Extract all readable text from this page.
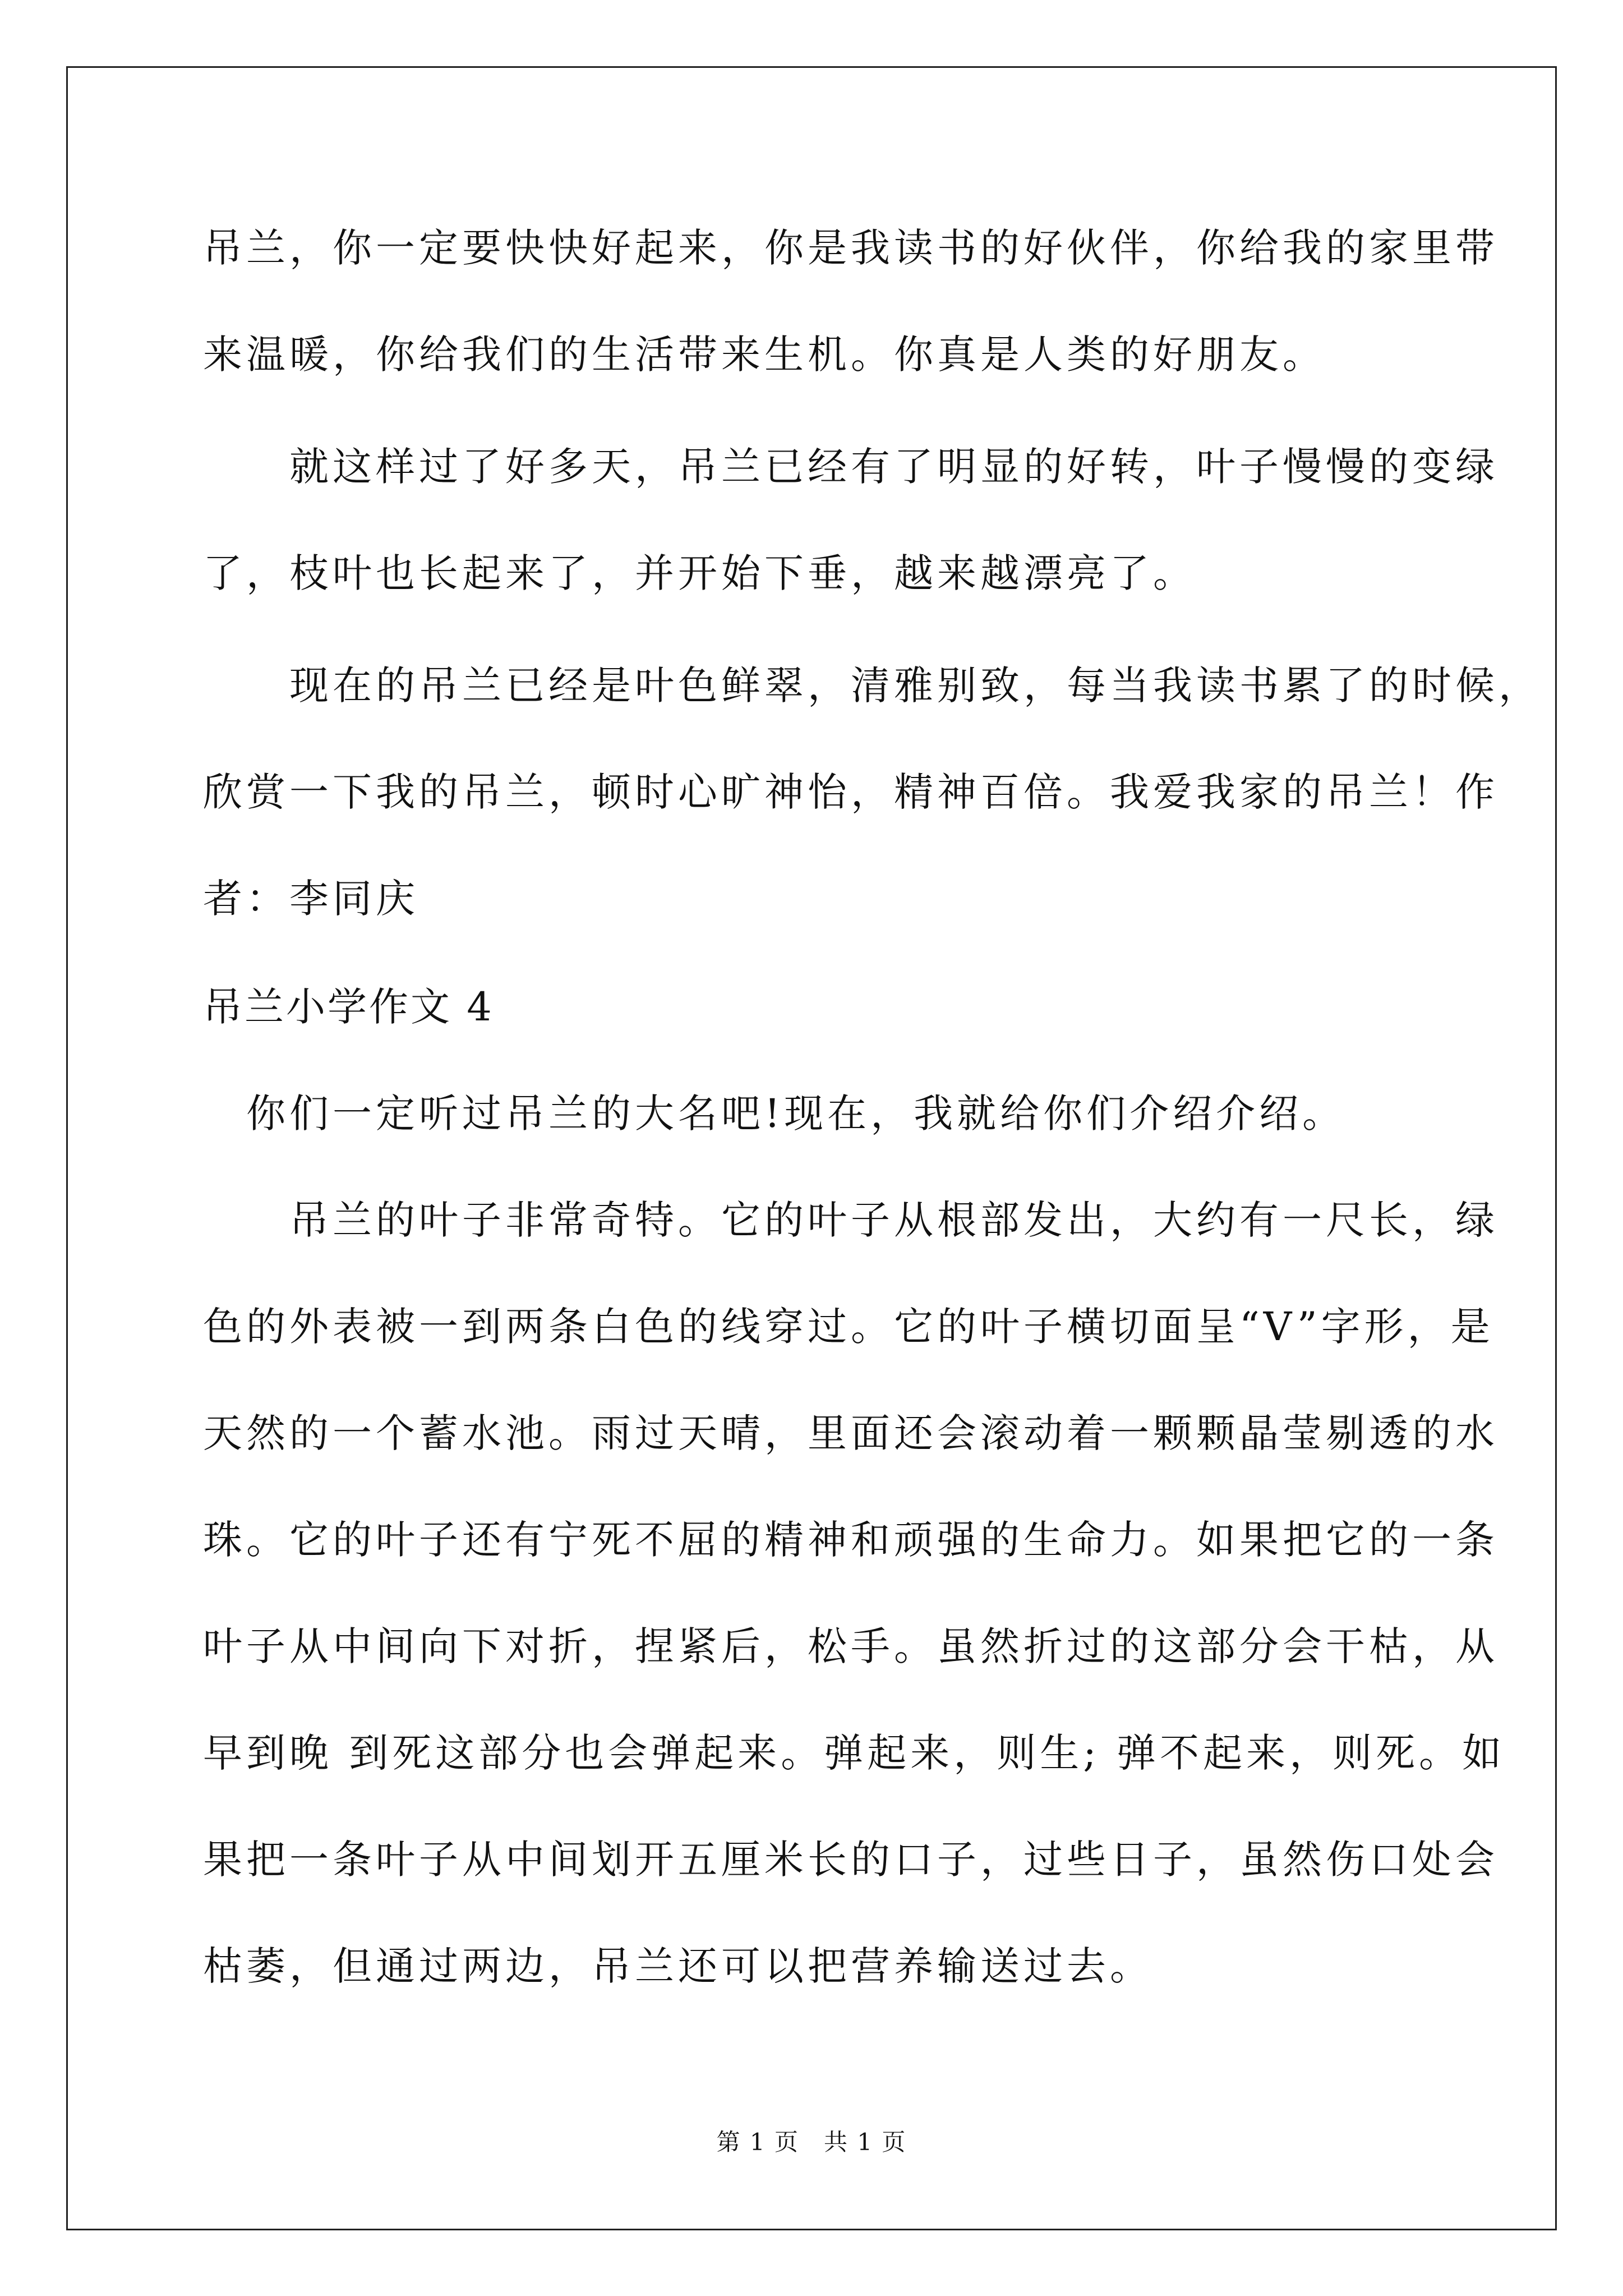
吊兰，你一定要快快好起来，你是我读书的好伙伴，你给我的家里带
来温暖，你给我们的生活带来生机。你真是人类的好朋友。
　　就这样过了好多天，吊兰已经有了明显的好转，叶子慢慢的变绿
了，枝叶也长起来了，并开始下垂，越来越漂亮了。
　　现在的吊兰已经是叶色鲜翠，清雅别致，每当我读书累了的时候，
欣赏一下我的吊兰，顿时心旷神怡，精神百倍。我爱我家的吊兰！作
者：李同庆
吊兰小学作文 4
　你们一定听过吊兰的大名吧!现在，我就给你们介绍介绍。
　　吊兰的叶子非常奇特。它的叶子从根部发出，大约有一尺长，绿
色的外表被一到两条白色的线穿过。它的叶子横切面呈“V”字形，是
天然的一个蓄水池。雨过天晴，里面还会滚动着一颗颗晶莹剔透的水
珠。它的叶子还有宁死不屈的精神和顽强的生命力。如果把它的一条
叶子从中间向下对折，捏紧后，松手。虽然折过的这部分会干枯，从
早到晚 到死这部分也会弹起来。弹起来，则生; 弹不起来，则死。如
果把一条叶子从中间划开五厘米长的口子，过些日子，虽然伤口处会
枯萎，但通过两边，吊兰还可以把营养输送过去。
第 1 页　共 1 页
